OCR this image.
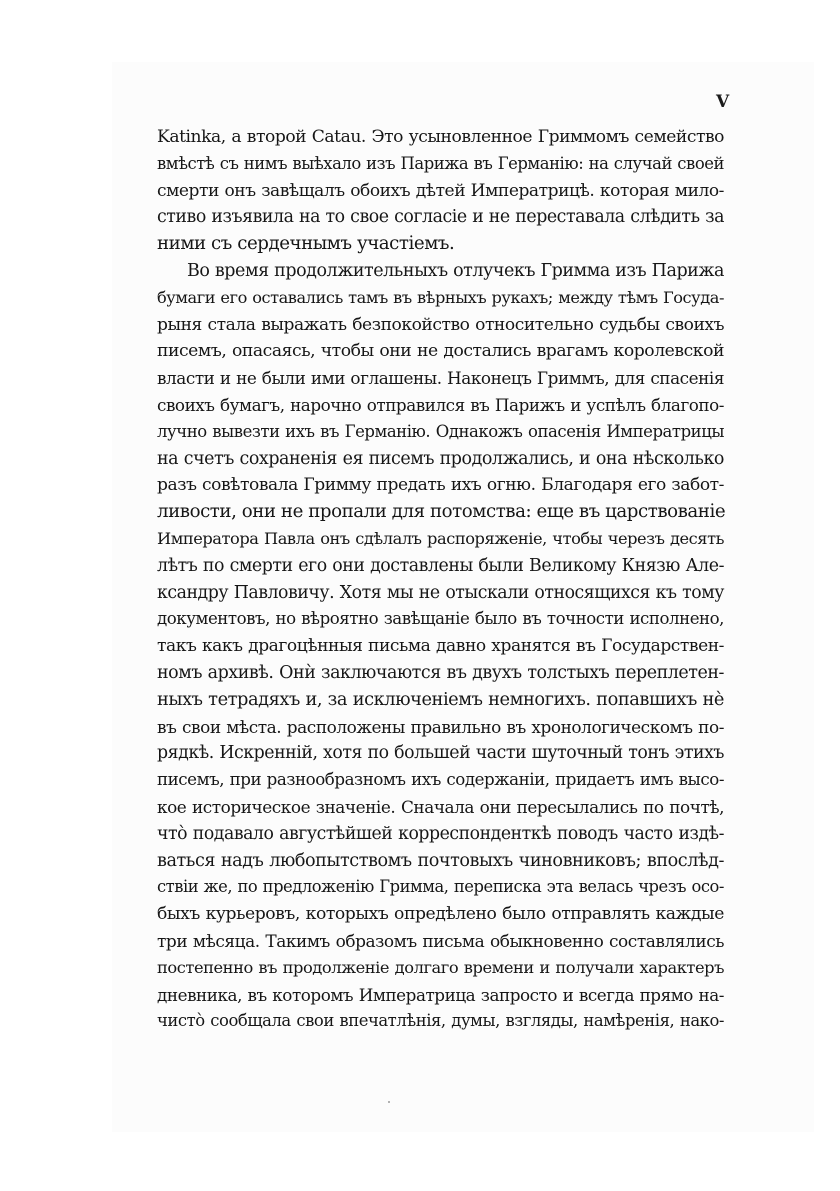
V
Katinka, а второй Catau. Это усыновленное Гриммомъ семейство
вмѣстѣ съ нимъ выѣхало изъ Парижа въ Германію: на случай своей
смерти онъ завѣщалъ обоихъ дѣтей Императрицѣ. которая мило-
стиво изъявила на то свое согласіе и не переставала слѣдить за
ними съ сердечнымъ участіемъ.
Во время продолжительныхъ отлучекъ Гримма изъ Парижа
бумаги его оставались тамъ въ вѣрныхъ рукахъ; между тѣмъ Госуда-
рыня стала выражать безпокойство относительно судьбы своихъ
писемъ, опасаясь, чтобы они не достались врагамъ королевской
власти и не были ими оглашены. Наконецъ Гриммъ, для спасенія
своихъ бумагъ, нарочно отправился въ Парижъ и успѣлъ благопо-
лучно вывезти ихъ въ Германію. Однакожъ опасенія Императрицы
на счетъ сохраненія ея писемъ продолжались, и она нѣсколько
разъ совѣтовала Гримму предать ихъ огню. Благодаря его забот-
ливости, они не пропали для потомства: еще въ царствованіе
Императора Павла онъ сдѣлалъ распоряженіе, чтобы черезъ десять
лѣтъ по смерти его они доставлены были Великому Князю Але-
ксандру Павловичу. Хотя мы не отыскали относящихся къ тому
документовъ, но вѣроятно завѣщаніе было въ точности исполнено,
такъ какъ драгоцѣнныя письма давно хранятся въ Государствен-
номъ архивѣ. Онѝ заключаются въ двухъ толстыхъ переплетен-
ныхъ тетрадяхъ и, за исключеніемъ немногихъ. попавшихъ нѐ
въ свои мѣста. расположены правильно въ хронологическомъ по-
рядкѣ. Искренній, хотя по большей части шуточный тонъ этихъ
писемъ, при разнообразномъ ихъ содержаніи, придаетъ имъ высо-
кое историческое значеніе. Сначала они пересылались по почтѣ,
что̀ подавало августѣйшей корреспонденткѣ поводъ часто издѣ-
ваться надъ любопытствомъ почтовыхъ чиновниковъ; впослѣд-
ствіи же, по предложенію Гримма, переписка эта велась чрезъ осо-
быхъ курьеровъ, которыхъ опредѣлено было отправлять каждые
три мѣсяца. Такимъ образомъ письма обыкновенно составлялись
постепенно въ продолженіе долгаго времени и получали характеръ
дневника, въ которомъ Императрица запросто и всегда прямо на-
чисто̀ сообщала свои впечатлѣнія, думы, взгляды, намѣренія, нако-
